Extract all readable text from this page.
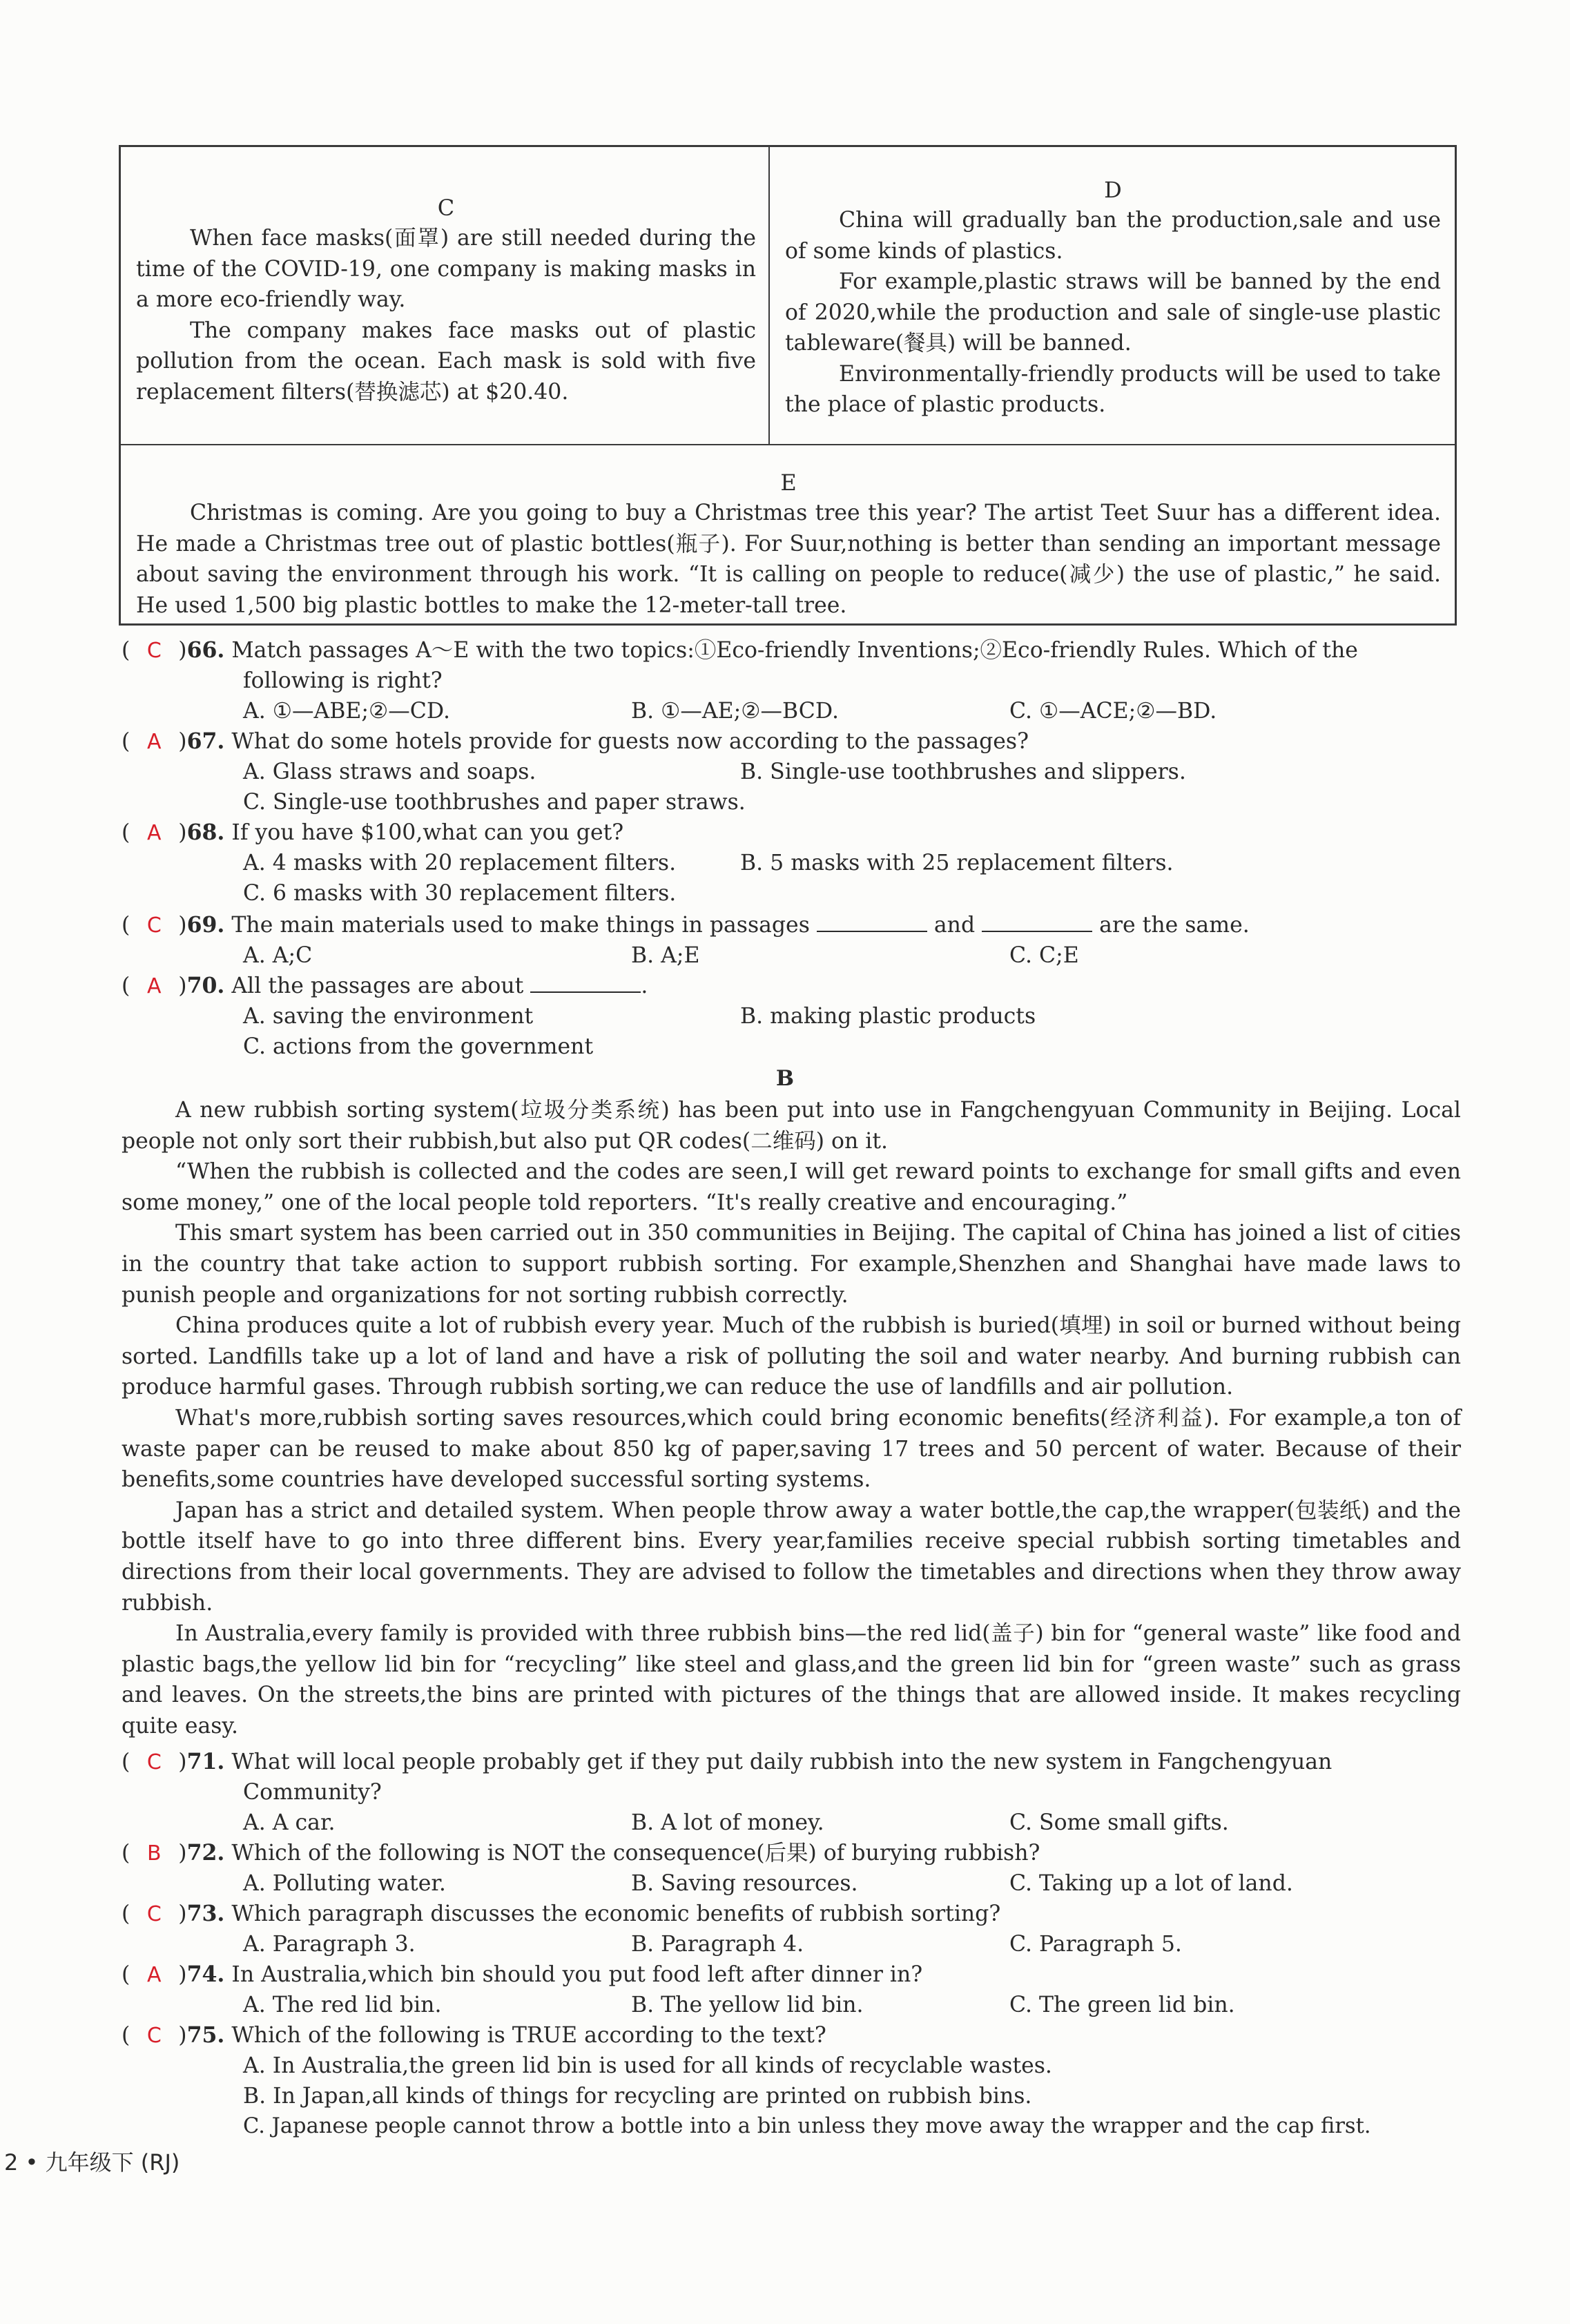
C

When face masks(面罩) are still needed during the time of the COVID-19, one company is making masks in a more eco-friendly way.

The company makes face masks out of plastic pollution from the ocean. Each mask is sold with five replacement filters(替换滤芯) at $20.40.

D

China will gradually ban the production,sale and use of some kinds of plastics.

For example,plastic straws will be banned by the end of 2020,while the production and sale of single-use plastic tableware(餐具) will be banned.

Environmentally-friendly products will be used to take the place of plastic products.

E

Christmas is coming. Are you going to buy a Christmas tree this year? The artist Teet Suur has a different idea. He made a Christmas tree out of plastic bottles(瓶子). For Suur,nothing is better than sending an important message about saving the environment through his work. “It is calling on people to reduce(减少) the use of plastic,” he said. He used 1,500 big plastic bottles to make the 12-meter-tall tree.

( C )66. Match passages A～E with the two topics:①Eco-friendly Inventions;②Eco-friendly Rules. Which of the
following is right?
A. ①—ABE;②—CD.	B. ①—AE;②—BCD.	C. ①—ACE;②—BD.
( A )67. What do some hotels provide for guests now according to the passages?
A. Glass straws and soaps.	B. Single-use toothbrushes and slippers.
C. Single-use toothbrushes and paper straws.
( A )68. If you have $100,what can you get?
A. 4 masks with 20 replacement filters.	B. 5 masks with 25 replacement filters.
C. 6 masks with 30 replacement filters.
( C )69. The main materials used to make things in passages	and	are the same.
A. A;C	B. A;E	C. C;E
( A )70. All the passages are about	.
A. saving the environment	B. making plastic products
C. actions from the government
B

A new rubbish sorting system(垃圾分类系统) has been put into use in Fangchengyuan Community in Beijing. Local people not only sort their rubbish,but also put QR codes(二维码) on it.

“When the rubbish is collected and the codes are seen,I will get reward points to exchange for small gifts and even some money,” one of the local people told reporters. “It's really creative and encouraging.”

This smart system has been carried out in 350 communities in Beijing. The capital of China has joined a list of cities in the country that take action to support rubbish sorting. For example,Shenzhen and Shanghai have made laws to punish people and organizations for not sorting rubbish correctly.

China produces quite a lot of rubbish every year. Much of the rubbish is buried(填埋) in soil or burned without being sorted. Landfills take up a lot of land and have a risk of polluting the soil and water nearby. And burning rubbish can produce harmful gases. Through rubbish sorting,we can reduce the use of landfills and air pollution.

What's more,rubbish sorting saves resources,which could bring economic benefits(经济利益). For example,a ton of waste paper can be reused to make about 850 kg of paper,saving 17 trees and 50 percent of water. Because of their benefits,some countries have developed successful sorting systems.

Japan has a strict and detailed system. When people throw away a water bottle,the cap,the wrapper(包装纸) and the bottle itself have to go into three different bins. Every year,families receive special rubbish sorting timetables and directions from their local governments. They are advised to follow the timetables and directions when they throw away rubbish.

In Australia,every family is provided with three rubbish bins—the red lid(盖子) bin for “general waste” like food and plastic bags,the yellow lid bin for “recycling” like steel and glass,and the green lid bin for “green waste” such as grass and leaves. On the streets,the bins are printed with pictures of the things that are allowed inside. It makes recycling quite easy.

( C )71. What will local people probably get if they put daily rubbish into the new system in Fangchengyuan
Community?
A. A car.	B. A lot of money.	C. Some small gifts.
( B )72. Which of the following is NOT the consequence(后果) of burying rubbish?
A. Polluting water.	B. Saving resources.	C. Taking up a lot of land.
( C )73. Which paragraph discusses the economic benefits of rubbish sorting?
A. Paragraph 3.	B. Paragraph 4.	C. Paragraph 5.
( A )74. In Australia,which bin should you put food left after dinner in?
A. The red lid bin.	B. The yellow lid bin.	C. The green lid bin.
( C )75. Which of the following is TRUE according to the text?
A. In Australia,the green lid bin is used for all kinds of recyclable wastes.
B. In Japan,all kinds of things for recycling are printed on rubbish bins.
C. Japanese people cannot throw a bottle into a bin unless they move away the wrapper and the cap first.
2 • 九年级下 (RJ)
